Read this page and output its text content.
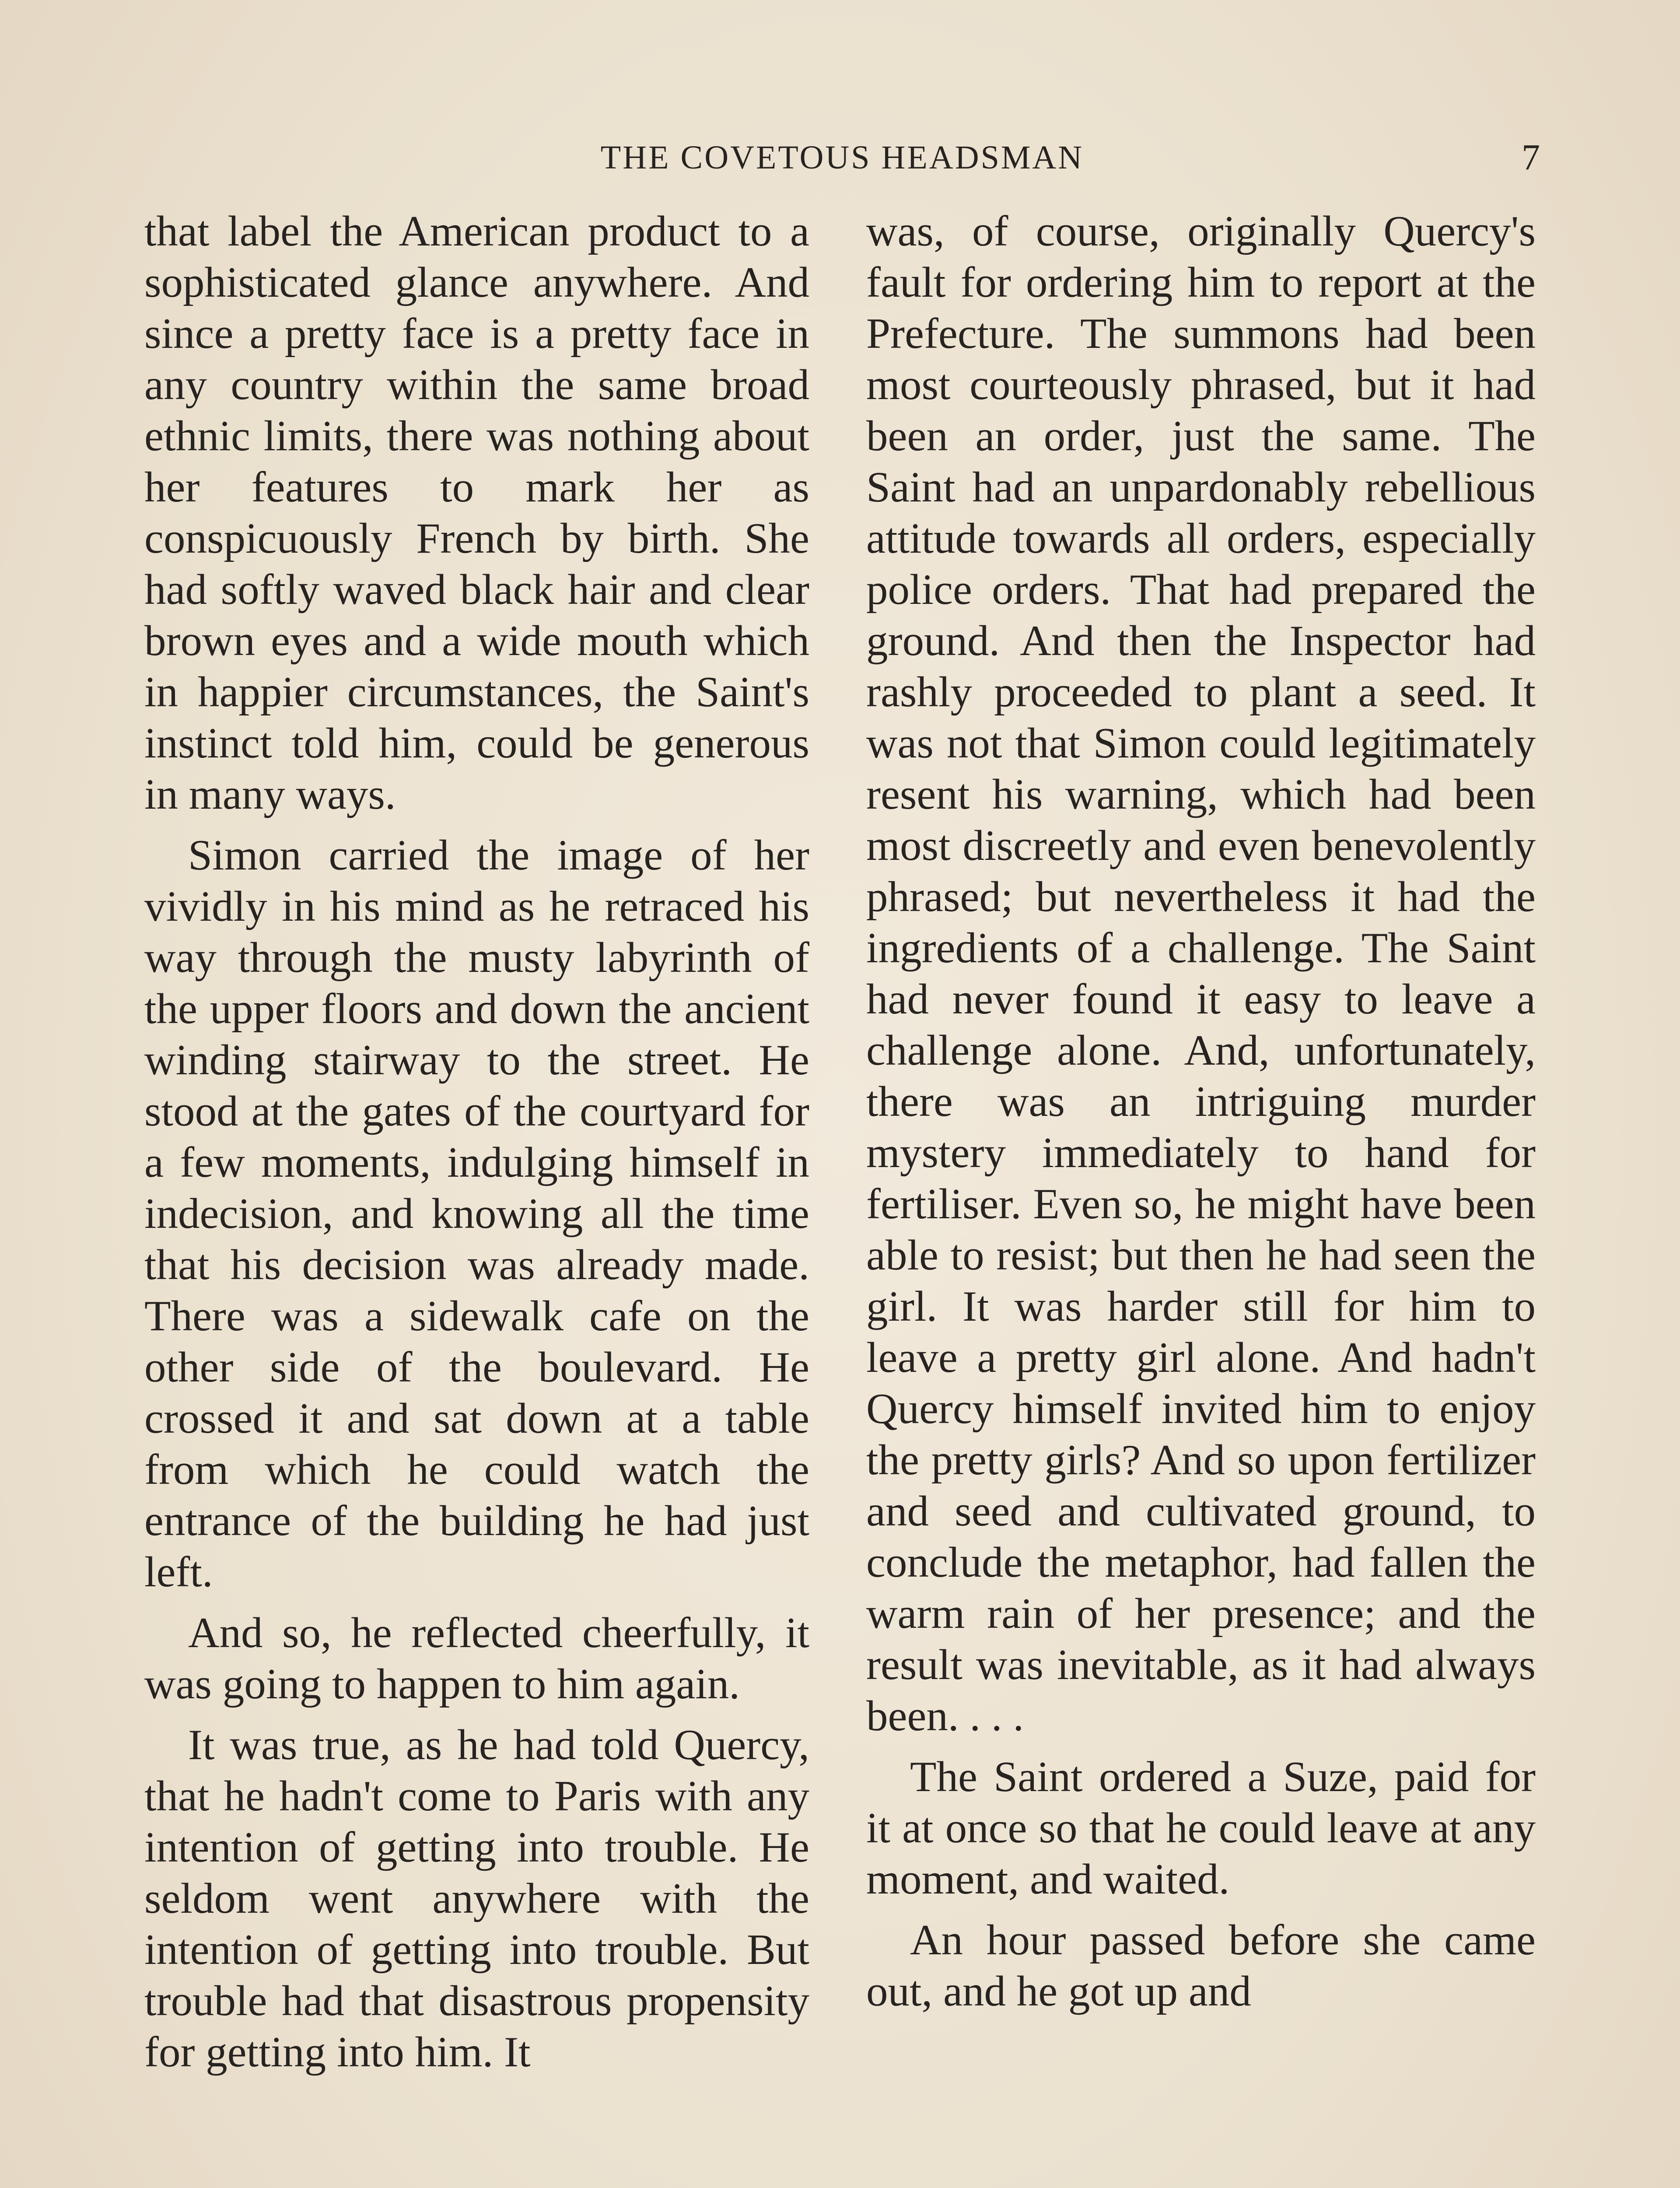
THE COVETOUS HEADSMAN	7

that label the American product to a sophisticated glance anywhere. And since a pretty face is a pretty face in any country within the same broad ethnic limits, there was nothing about her features to mark her as conspicuously French by birth. She had softly waved black hair and clear brown eyes and a wide mouth which in happier circumstances, the Saint's instinct told him, could be generous in many ways.

Simon carried the image of her vividly in his mind as he retraced his way through the musty labyrinth of the upper floors and down the ancient winding stairway to the street. He stood at the gates of the courtyard for a few moments, indulging himself in indecision, and knowing all the time that his decision was already made. There was a sidewalk cafe on the other side of the boulevard. He crossed it and sat down at a table from which he could watch the entrance of the building he had just left.

And so, he reflected cheerfully, it was going to happen to him again.

It was true, as he had told Quercy, that he hadn't come to Paris with any intention of getting into trouble. He seldom went anywhere with the intention of getting into trouble. But trouble had that disastrous propensity for getting into him. It

was, of course, originally Quercy's fault for ordering him to report at the Prefecture. The summons had been most courteously phrased, but it had been an order, just the same. The Saint had an unpardonably rebellious attitude towards all orders, especially police orders. That had prepared the ground. And then the Inspector had rashly proceeded to plant a seed. It was not that Simon could legitimately resent his warning, which had been most discreetly and even benevolently phrased; but nevertheless it had the ingredients of a challenge. The Saint had never found it easy to leave a challenge alone. And, unfortunately, there was an intriguing murder mystery immediately to hand for fertiliser. Even so, he might have been able to resist; but then he had seen the girl. It was harder still for him to leave a pretty girl alone. And hadn't Quercy himself invited him to enjoy the pretty girls? And so upon fertilizer and seed and cultivated ground, to conclude the metaphor, had fallen the warm rain of her presence; and the result was inevitable, as it had always been. . . .

The Saint ordered a Suze, paid for it at once so that he could leave at any moment, and waited.

An hour passed before she came out, and he got up and
